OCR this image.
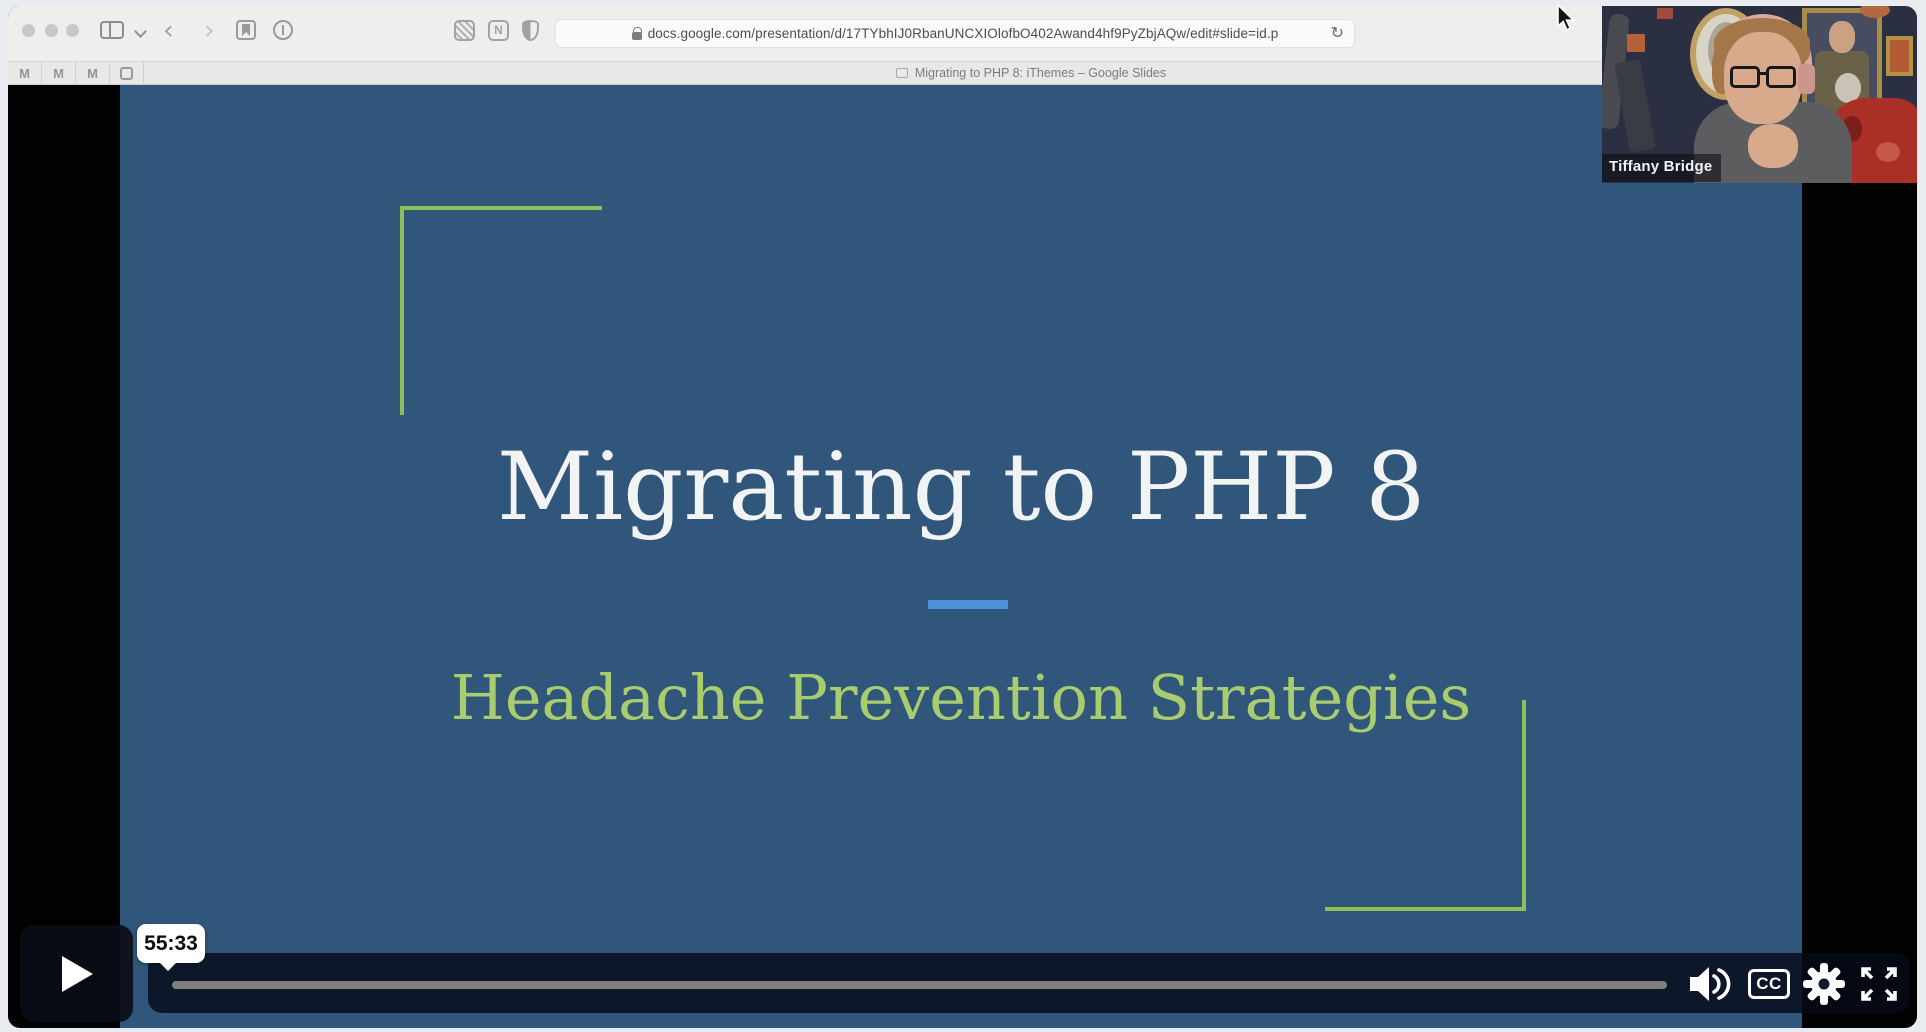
‹ ›	N	docs.google.com/presentation/d/17TYbhIJ0RbanUNCXIOlofbO402Awand4hf9PyZbjAQw/edit#slide=id.p	↻
M	M	M	Migrating to PHP 8: iThemes – Google Slides
Migrating to PHP 8
Headache Prevention Strategies
Tiffany Bridge
55:33
CC
